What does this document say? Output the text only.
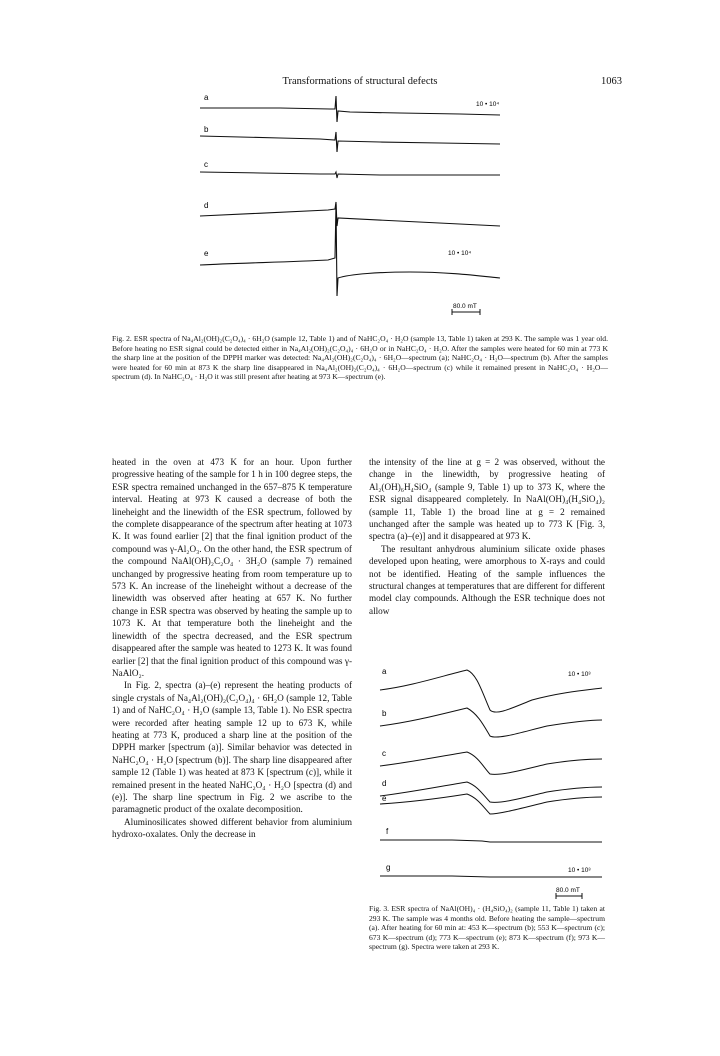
Transformations of structural defects	1063
a
10 • 10⁴
b
c
d
e	10 • 10⁴
80.0 mT
Fig. 2. ESR spectra of Na₄Al₂(OH)₂(C₂O₄)₄ · 6H₂O (sample 12, Table 1) and of NaHC₂O₄ · H₂O (sample 13, Table 1) taken at 293 K. The sample was 1 year old. Before heating no ESR signal could be detected either in Na₄Al₂(OH)₂(C₂O₄)₄ · 6H₂O or in NaHC₂O₄ · H₂O. After the samples were heated for 60 min at 773 K the sharp line at the position of the DPPH marker was detected: Na₄Al₂(OH)₂(C₂O₄)₄ · 6H₂O—spectrum (a); NaHC₂O₄ · H₂O—spectrum (b). After the samples were heated for 60 min at 873 K the sharp line disappeared in Na₄Al₂(OH)₂(C₂O₄)₄ · 6H₂O—spectrum (c) while it remained present in NaHC₂O₄ · H₂O—spectrum (d). In NaHC₂O₄ · H₂O it was still present after heating at 973 K—spectrum (e).

heated in the oven at 473 K for an hour. Upon further progressive heating of the sample for 1 h in 100 degree steps, the ESR spectra remained unchanged in the 657–875 K temperature interval. Heating at 973 K caused a decrease of both the lineheight and the linewidth of the ESR spectrum, followed by the complete disappearance of the spectrum after heating at 1073 K. It was found earlier [2] that the final ignition product of the compound was γ-Al₂O₃. On the other hand, the ESR spectrum of the compound NaAl(OH)₂C₂O₄ · 3H₂O (sample 7) remained unchanged by progressive heating from room temperature up to 573 K. An increase of the lineheight without a decrease of the linewidth was observed after heating at 657 K. No further change in ESR spectra was observed by heating the sample up to 1073 K. At that temperature both the lineheight and the linewidth of the spectra decreased, and the ESR spectrum disappeared after the sample was heated to 1273 K. It was found earlier [2] that the final ignition product of this compound was γ-NaAlO₂.

In Fig. 2, spectra (a)–(e) represent the heating products of single crystals of Na₄Al₂(OH)₂(C₂O₄)₄ · 6H₂O (sample 12, Table 1) and of NaHC₂O₄ · H₂O (sample 13, Table 1). No ESR spectra were recorded after heating sample 12 up to 673 K, while heating at 773 K, produced a sharp line at the position of the DPPH marker [spectrum (a)]. Similar behavior was detected in NaHC₂O₄ · H₂O [spectrum (b)]. The sharp line disappeared after sample 12 (Table 1) was heated at 873 K [spectrum (c)], while it remained present in the heated NaHC₂O₄ · H₂O [spectra (d) and (e)]. The sharp line spectrum in Fig. 2 we ascribe to the paramagnetic product of the oxalate decomposition.

Aluminosilicates showed different behavior from aluminium hydroxo-oxalates. Only the decrease in

the intensity of the line at g = 2 was observed, without the change in the linewidth, by progressive heating of Al₂(OH)₆H₄SiO₄ (sample 9, Table 1) up to 373 K, where the ESR signal disappeared completely. In NaAl(OH)₄(H₄SiO₄)₂ (sample 11, Table 1) the broad line at g = 2 remained unchanged after the sample was heated up to 773 K [Fig. 3, spectra (a)–(e)] and it disappeared at 973 K.

The resultant anhydrous aluminium silicate oxide phases developed upon heating, were amorphous to X-rays and could not be identified. Heating of the sample influences the structural changes at temperatures that are different for different model clay compounds. Although the ESR technique does not allow

a	10 • 10³
b
c
d
e
f
g	10 • 10³
80.0 mT
Fig. 3. ESR spectra of NaAl(OH)₄ · (H₄SiO₄)₂ (sample 11, Table 1) taken at 293 K. The sample was 4 months old. Before heating the sample—spectrum (a). After heating for 60 min at: 453 K—spectrum (b); 553 K—spectrum (c); 673 K—spectrum (d); 773 K—spectrum (e); 873 K—spectrum (f); 973 K—spectrum (g). Spectra were taken at 293 K.
